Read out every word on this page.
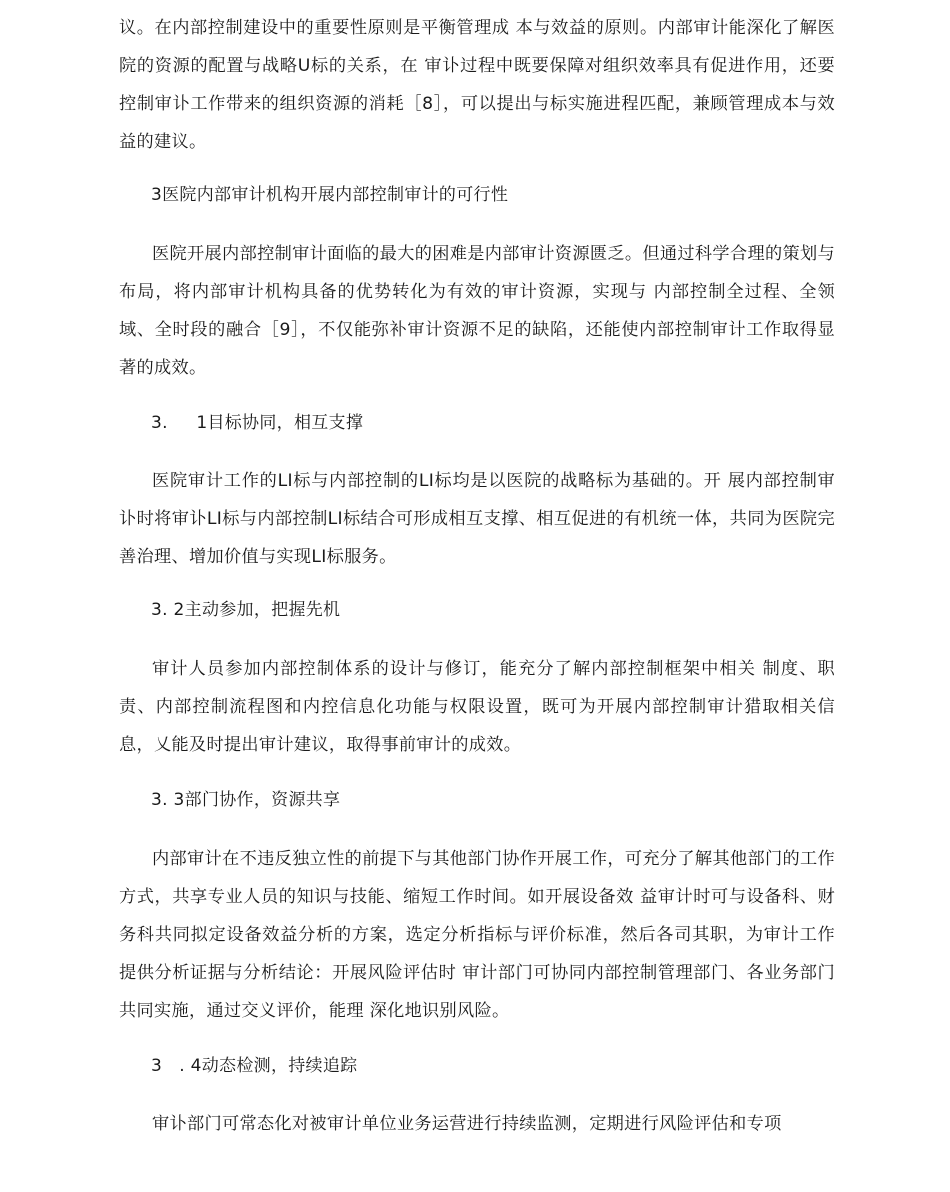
议。在内部控制建设中的重要性原则是平衡管理成 本与效益的原则。内部审计能深化了解医院的资源的配置与战略U标的关系，在 审讣过程中既要保障对组织效率具有促进作用，还要控制审讣工作带来的组织资源的消耗［8］，可以提出与标实施进程匹配，兼顾管理成本与效益的建议。

3医院内部审计机构开展内部控制审计的可行性

医院开展内部控制审计面临的最大的困难是内部审计资源匮乏。但通过科学合理的策划与布局，将内部审计机构具备的优势转化为有效的审计资源，实现与 内部控制全过程、全领域、全时段的融合［9］，不仅能弥补审计资源不足的缺陷，还能使内部控制审计工作取得显著的成效。

3.     1目标协同，相互支撑

医院审计工作的LI标与内部控制的LI标均是以医院的战略标为基础的。开 展内部控制审讣时将审讣LI标与内部控制LI标结合可形成相互支撑、相互促进的有机统一体，共同为医院完善治理、增加价值与实现LI标服务。

3. 2主动参加，把握先机

审计人员参加内部控制体系的设计与修订，能充分了解内部控制框架中相关 制度、职责、内部控制流程图和内控信息化功能与权限设置，既可为开展内部控制审计猎取相关信息，乂能及时提出审计建议，取得事前审计的成效。

3. 3部门协作，资源共享

内部审计在不违反独立性的前提下与其他部门协作开展工作，可充分了解其他部门的工作方式，共享专业人员的知识与技能、缩短工作时间。如开展设备效 益审计时可与设备科、财务科共同拟定设备效益分析的方案，选定分析指标与评价标准，然后各司其职，为审计工作提供分析证据与分析结论：开展风险评估时 审计部门可协同内部控制管理部门、各业务部门共同实施，通过交义评价，能理 深化地识别风险。

3   . 4动态检测，持续追踪

审讣部门可常态化对被审计单位业务运营进行持续监测，定期进行风险评估和专项
